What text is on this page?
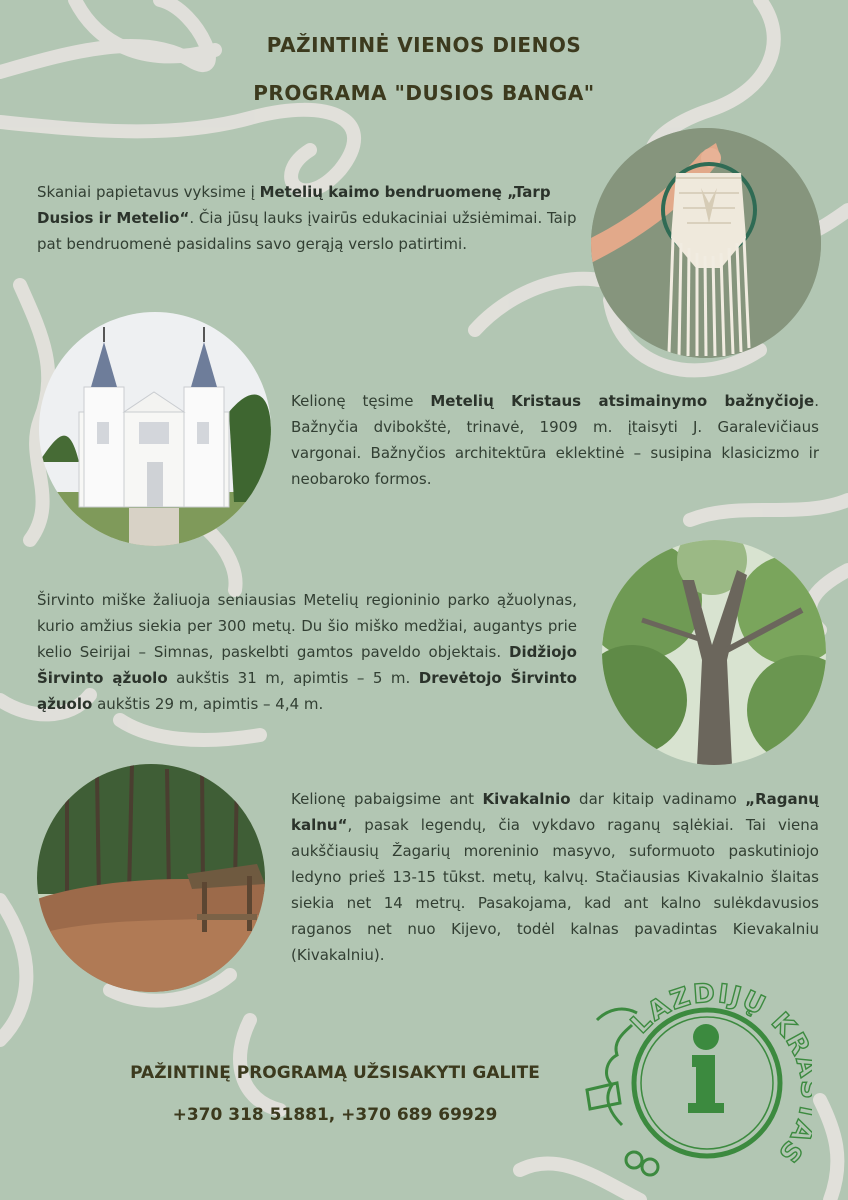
PAŽINTINĖ VIENOS DIENOS
PROGRAMA "DUSIOS BANGA"
Skaniai papietavus vyksime į Metelių kaimo bendruomenę „Tarp Dusios ir Metelio“. Čia jūsų lauks įvairūs edukaciniai užsiėmimai. Taip pat bendruomenė pasidalins savo gerąją verslo patirtimi.
Kelionę tęsime Metelių Kristaus atsimainymo bažnyčioje. Bažnyčia dvibokštė, trinavė, 1909 m. įtaisyti J. Garalevičiaus vargonai. Bažnyčios architektūra eklektinė – susipina klasicizmo ir neobaroko formos.
Širvinto miške žaliuoja seniausias Metelių regioninio parko ąžuolynas, kurio amžius siekia per 300 metų. Du šio miško medžiai, augantys prie kelio Seirijai – Simnas, paskelbti gamtos paveldo objektais. Didžiojo Širvinto ąžuolo aukštis 31 m, apimtis – 5 m. Drevėtojo Širvinto ąžuolo aukštis 29 m, apimtis – 4,4 m.
Kelionę pabaigsime ant Kivakalnio dar kitaip vadinamo „Raganų kalnu“, pasak legendų, čia vykdavo raganų sąlėkiai. Tai viena aukščiausių Žagarių moreninio masyvo, suformuoto paskutiniojo ledyno prieš 13-15 tūkst. metų, kalvų. Stačiausias Kivakalnio šlaitas siekia net 14 metrų. Pasakojama, kad ant kalno sulėkdavusios raganos net nuo Kijevo, todėl kalnas pavadintas Kievakalniu (Kivakalniu).
PAŽINTINĘ PROGRAMĄ UŽSISAKYTI GALITE
+370 318 51881, +370 689 69929
LAZDIJŲ K S
